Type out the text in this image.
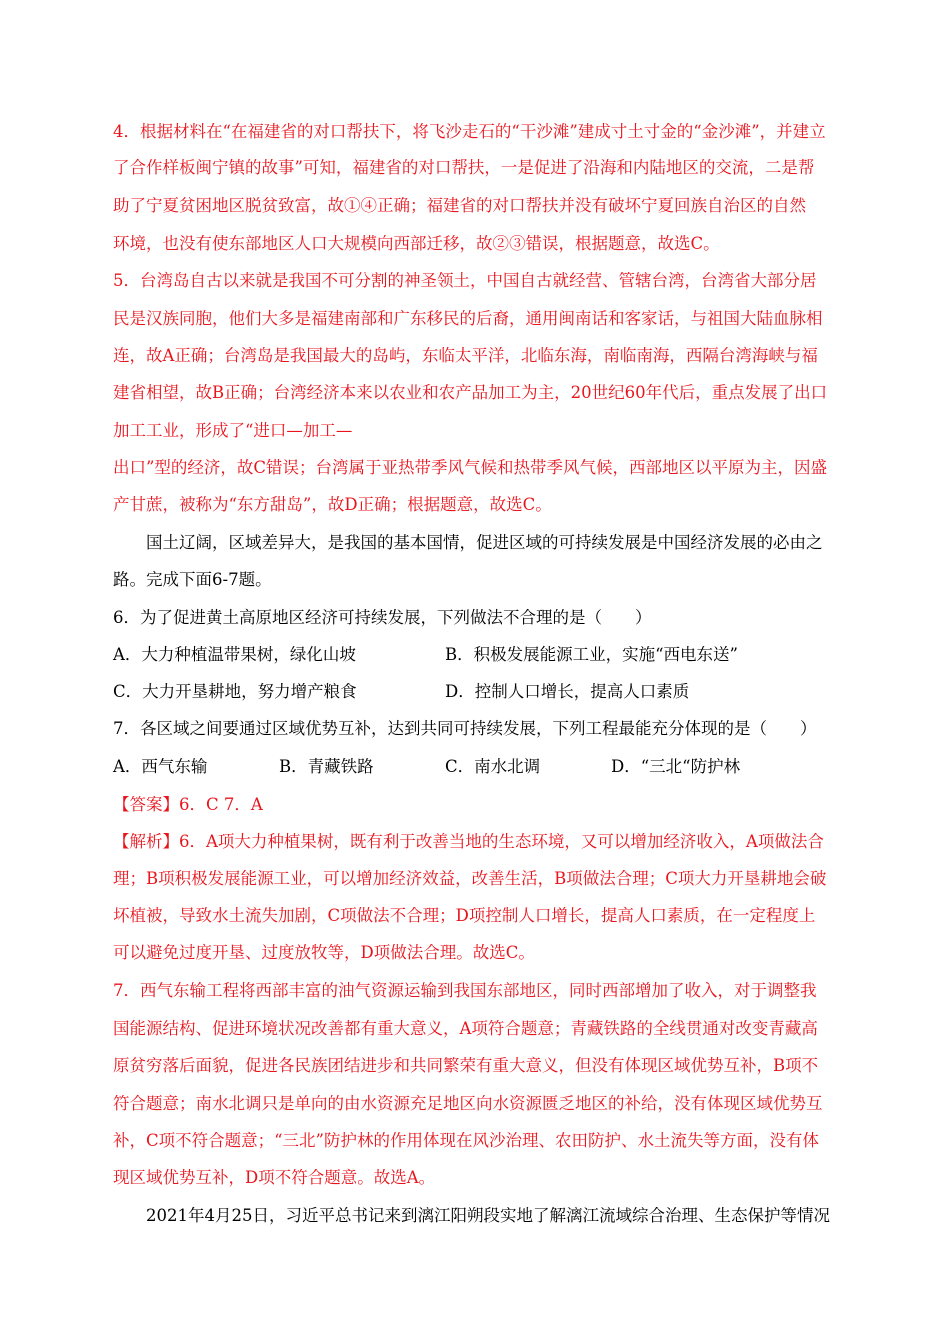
4．根据材料在“在福建省的对口帮扶下，将飞沙走石的“干沙滩”建成寸土寸金的“金沙滩”，并建立
了合作样板闽宁镇的故事”可知，福建省的对口帮扶，一是促进了沿海和内陆地区的交流，二是帮
助了宁夏贫困地区脱贫致富，故①④正确；福建省的对口帮扶并没有破坏宁夏回族自治区的自然
环境，也没有使东部地区人口大规模向西部迁移，故②③错误，根据题意，故选C。
5．台湾岛自古以来就是我国不可分割的神圣领土，中国自古就经营、管辖台湾，台湾省大部分居
民是汉族同胞，他们大多是福建南部和广东移民的后裔，通用闽南话和客家话，与祖国大陆血脉相
连，故A正确；台湾岛是我国最大的岛屿，东临太平洋，北临东海，南临南海，西隔台湾海峡与福
建省相望，故B正确；台湾经济本来以农业和农产品加工为主，20世纪60年代后，重点发展了出口
加工工业，形成了“进口—加工—
出口”型的经济，故C错误；台湾属于亚热带季风气候和热带季风气候，西部地区以平原为主，因盛
产甘蔗，被称为“东方甜岛”，故D正确；根据题意，故选C。
国土辽阔，区域差异大，是我国的基本国情，促进区域的可持续发展是中国经济发展的必由之
路。完成下面6-7题。
6．为了促进黄土高原地区经济可持续发展，下列做法不合理的是（　　）
A．大力种植温带果树，绿化山坡	B．积极发展能源工业，实施“西电东送”
C．大力开垦耕地，努力增产粮食	D．控制人口增长，提高人口素质
7．各区域之间要通过区域优势互补，达到共同可持续发展，下列工程最能充分体现的是（　　）
A．西气东输	B．青藏铁路	C．南水北调	D．“三北“防护林
【答案】6．C 7．A
【解析】6．A项大力种植果树，既有利于改善当地的生态环境，又可以增加经济收入，A项做法合
理；B项积极发展能源工业，可以增加经济效益，改善生活，B项做法合理；C项大力开垦耕地会破
坏植被，导致水土流失加剧，C项做法不合理；D项控制人口增长，提高人口素质，在一定程度上
可以避免过度开垦、过度放牧等，D项做法合理。故选C。
7．西气东输工程将西部丰富的油气资源运输到我国东部地区，同时西部增加了收入，对于调整我
国能源结构、促进环境状况改善都有重大意义，A项符合题意；青藏铁路的全线贯通对改变青藏高
原贫穷落后面貌，促进各民族团结进步和共同繁荣有重大意义，但没有体现区域优势互补，B项不
符合题意；南水北调只是单向的由水资源充足地区向水资源匮乏地区的补给，没有体现区域优势互
补，C项不符合题意；“三北”防护林的作用体现在风沙治理、农田防护、水土流失等方面，没有体
现区域优势互补，D项不符合题意。故选A。
2021年4月25日，习近平总书记来到漓江阳朔段实地了解漓江流域综合治理、生态保护等情况
